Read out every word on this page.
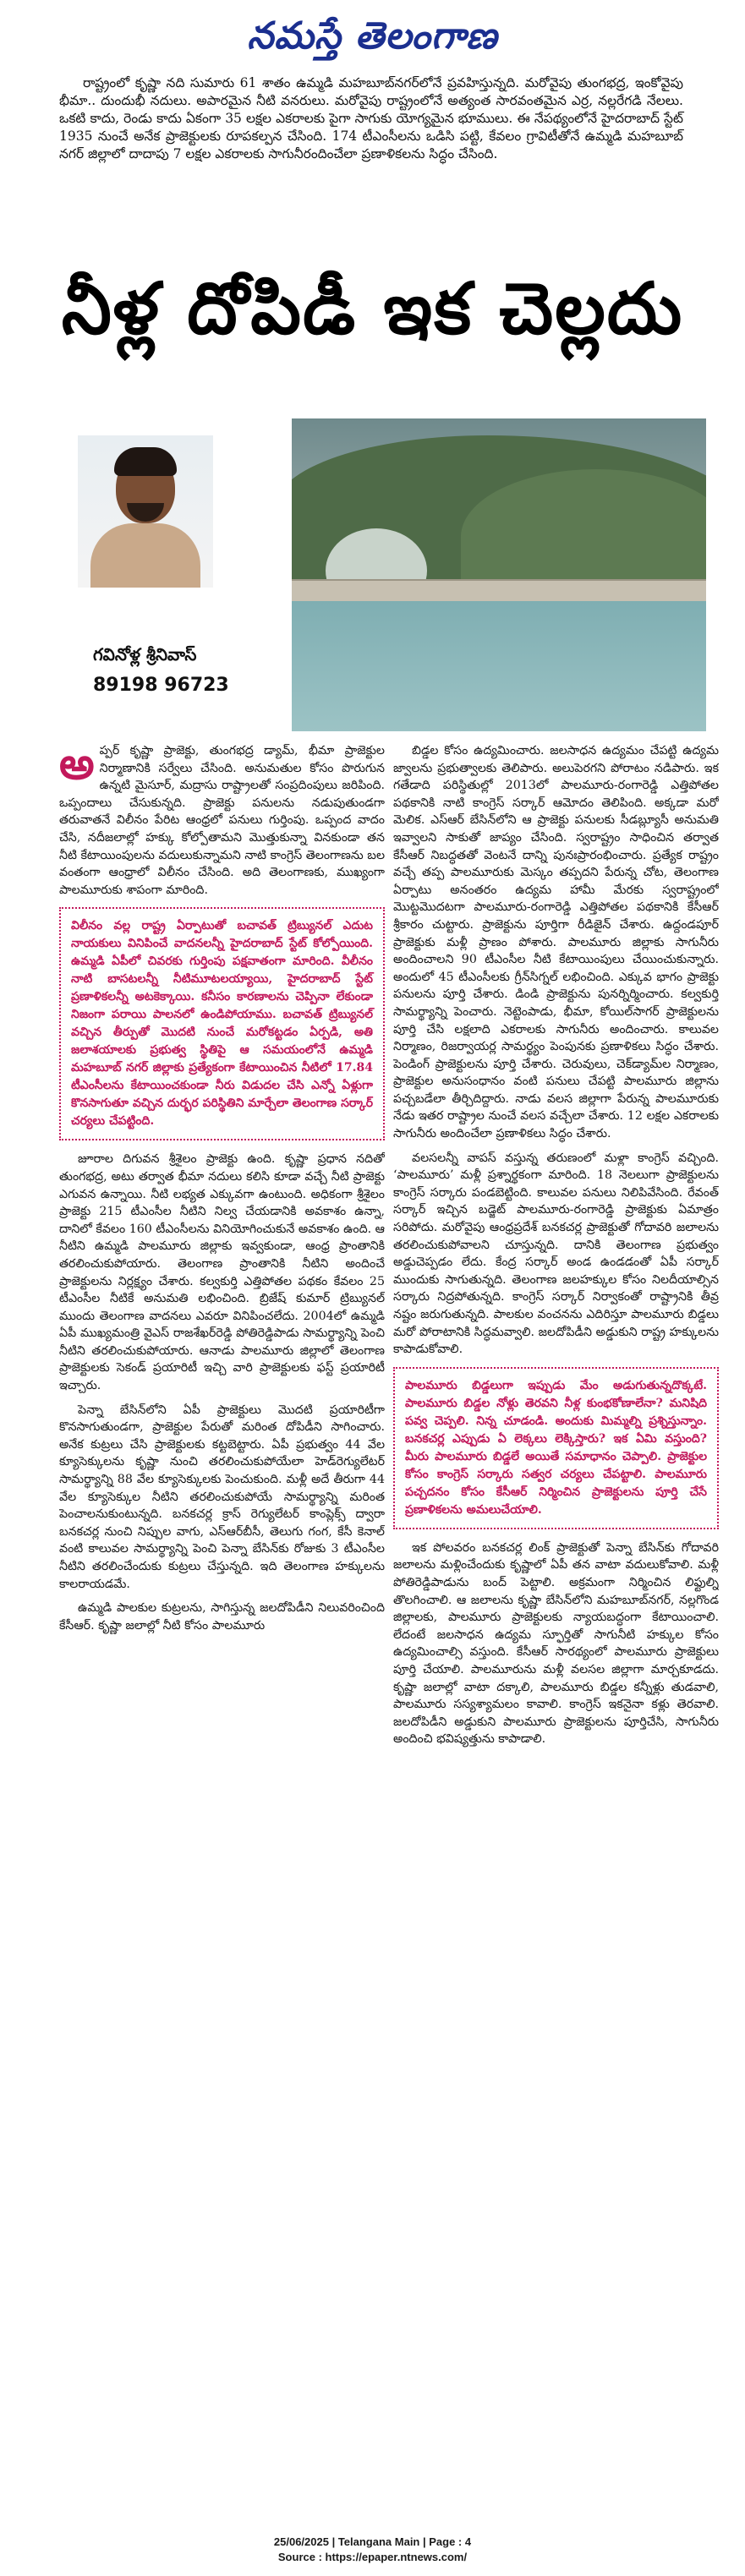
నమస్తే తెలంగాణ

రాష్ట్రంలో కృష్ణా నది సుమారు 61 శాతం ఉమ్మడి మహబూబ్‌నగర్‌లోనే ప్రవహిస్తున్నది. మరోవైపు తుంగభద్ర, ఇంకోవైపు భీమా.. దుందుభీ నదులు. అపారమైన నీటి వనరులు. మరోవైపు రాష్ట్రంలోనే అత్యంత సారవంతమైన ఎర్ర, నల్లరేగడి నేలలు. ఒకటి కాదు, రెండు కాదు ఏకంగా 35 లక్షల ఎకరాలకు పైగా సాగుకు యోగ్యమైన భూములు. ఈ నేపథ్యంలోనే హైదరాబాద్ స్టేట్ 1935 నుంచే అనేక ప్రాజెక్టులకు రూపకల్పన చేసింది. 174 టీఎంసీలను ఒడిసి పట్టి, కేవలం గ్రావిటీతోనే ఉమ్మడి మహబూబ్ నగర్ జిల్లాలో దాదాపు 7 లక్షల ఎకరాలకు సాగునీరందించేలా ప్రణాళికలను సిద్ధం చేసింది.

నీళ్ల దోపిడీ ఇక చెల్లదు
గవినోళ్ల శ్రీనివాస్
89198 96723

అప్పర్ కృష్ణా ప్రాజెక్టు, తుంగభద్ర డ్యామ్, భీమా ప్రాజెక్టుల నిర్మాణానికి సర్వేలు చేసింది. అనుమతుల కోసం పొరుగున ఉన్నటి మైసూర్, మద్రాసు రాష్ట్రాలతో సంప్రదింపులు జరిపింది. ఒప్పందాలు చేసుకున్నది. ప్రాజెక్టు పనులను నడుపుతుండగా తరువాతనే విలీనం పేరిట ఆంధ్రలో పనులు గుర్తింపు. ఒప్పంద వాదం చేసి, నదీజలాల్లో హక్కు కోల్పోతామని మొత్తుకున్నా వినకుండా తన నీటి కేటాయింపులను వదులుకున్నామని నాటి కాంగ్రెస్ తెలంగాణను బల వంతంగా ఆంధ్రాలో విలీనం చేసింది. అది తెలంగాణకు, ముఖ్యంగా పాలమూరుకు శాపంగా మారింది.

విలీనం వల్ల రాష్ట్ర ఏర్పాటుతో బచావత్ ట్రిబ్యునల్ ఎదుట నాయకులు వినిపించే వాదనలన్నీ హైదరాబాద్ స్టేట్ కోల్పోయింది. ఉమ్మడి ఏపీలో చివరకు గుర్తింపు పక్షవాతంగా మారింది. వీలీనం నాటి బాసటలన్నీ నీటిమూటలయ్యాయి, హైదరాబాద్ స్టేట్ ప్రణాళికలన్నీ అటకెక్కాయి. కనీసం కారణాలను చెప్పినా లేకుండా నిజంగా పరాయి పాలనలో ఉండిపోయాము. బచావత్ ట్రిబ్యునల్ వచ్చిన తీర్పుతో మొదటి నుంచే మరోకట్టడం ఏర్పడి, అతి జలాశయాలకు ప్రభుత్వ స్థితిపై ఆ సమయంలోనే ఉమ్మడి మహబూబ్ నగర్ జిల్లాకు ప్రత్యేకంగా కేటాయించిన నీటిలో 17.84 టీఎంసీలను కేటాయించకుండా నీరు విడుదల చేసి ఎన్నో ఏళ్లుగా కొనసాగుతూ వచ్చిన దుర్భర పరిస్థితిని మార్చేలా తెలంగాణ సర్కార్ చర్యలు చేపట్టింది.

జూరాల దిగువన శ్రీశైలం ప్రాజెక్టు ఉంది. కృష్ణా ప్రధాన నదితో తుంగభద్ర, అటు తర్వాత భీమా నదులు కలిసి కూడా వచ్చే నీటి ప్రాజెక్టు ఎగువన ఉన్నాయి. నీటి లభ్యత ఎక్కువగా ఉంటుంది. అధికంగా శ్రీశైలం ప్రాజెక్టు 215 టీఎంసీల నీటిని నిల్వ చేయడానికి అవకాశం ఉన్నా, దానిలో కేవలం 160 టీఎంసీలను వినియోగించుకునే అవకాశం ఉంది. ఆ నీటిని ఉమ్మడి పాలమూరు జిల్లాకు ఇవ్వకుండా, ఆంధ్ర ప్రాంతానికి తరలించుకుపోయారు. తెలంగాణ ప్రాంతానికి నీటిని అందించే ప్రాజెక్టులను నిర్లక్ష్యం చేశారు. కల్వకుర్తి ఎత్తిపోతల పథకం కేవలం 25 టీఎంసీల నీటికే అనుమతి లభించింది. బ్రిజేష్ కుమార్ ట్రిబ్యునల్ ముందు తెలంగాణ వాదనలు ఎవరూ వినిపించలేదు. 2004లో ఉమ్మడి ఏపీ ముఖ్యమంత్రి వైఎస్ రాజశేఖర్‌రెడ్డి పోతిరెడ్డిపాడు సామర్థ్యాన్ని పెంచి నీటిని తరలించుకుపోయారు. ఆనాడు పాలమూరు జిల్లాలో తెలంగాణ ప్రాజెక్టులకు సెకండ్ ప్రయారిటీ ఇచ్చి వారి ప్రాజెక్టులకు ఫస్ట్ ప్రయారిటీ ఇచ్చారు.

పెన్నా బేసిన్‌లోని ఏపీ ప్రాజెక్టులు మొదటి ప్రయారిటీగా కొనసాగుతుండగా, ప్రాజెక్టుల పేరుతో మరింత దోపిడీని సాగించారు. అనేక కుట్రలు చేసి ప్రాజెక్టులకు కట్టబెట్టారు. ఏపీ ప్రభుత్వం 44 వేల క్యూసెక్కులను కృష్ణా నుంచి తరలించుకుపోయేలా హెడ్‌రెగ్యులేటర్ సామర్థ్యాన్ని 88 వేల క్యూసెక్కులకు పెంచుకుంది. మళ్లీ అదే తీరుగా 44 వేల క్యూసెక్కుల నీటిని తరలించుకుపోయే సామర్థ్యాన్ని మరింత పెంచాలనుకుంటున్నది. బనకచర్ల క్రాస్ రెగ్యులేటర్ కాంప్లెక్స్ ద్వారా బనకచర్ల నుంచి నిప్పుల వాగు, ఎస్ఆర్‌బీసీ, తెలుగు గంగ, కేసీ కెనాల్ వంటి కాలువల సామర్థ్యాన్ని పెంచి పెన్నా బేసిన్‌కు రోజుకు 3 టీఎంసీల నీటిని తరలించేందుకు కుట్రలు చేస్తున్నది. ఇది తెలంగాణ హక్కులను కాలరాయడమే.

ఉమ్మడి పాలకుల కుట్రలను, సాగిస్తున్న జలదోపిడీని నిలువరించింది కేసీఆర్. కృష్ణా జలాల్లో నీటి కోసం పాలమూరు

బిడ్డల కోసం ఉద్యమించారు. జలసాధన ఉద్యమం చేపట్టి ఉద్యమ జ్వాలను ప్రభుత్వాలకు తెలిపారు. అలుపెరగని పోరాటం నడిపారు. ఇక గతేడాది పరిస్థితుల్లో 2013లో పాలమూరు-రంగారెడ్డి ఎత్తిపోతల పథకానికి నాటి కాంగ్రెస్ సర్కార్ ఆమోదం తెలిపింది. అక్కడా మరో మెలిక. ఎస్ఆర్ బేసిన్‌లోని ఆ ప్రాజెక్టు పనులకు సీడబ్ల్యూసీ అనుమతి ఇవ్వాలని సాకుతో జాప్యం చేసింది. స్వరాష్ట్రం సాధించిన తర్వాత కేసీఆర్ నిబద్ధతతో వెంటనే దాన్ని పునఃప్రారంభించారు. ప్రత్యేక రాష్ట్రం వచ్చే తప్ప పాలమూరుకు మెస్కం తప్పదని పేరున్న చోట, తెలంగాణ ఏర్పాటు అనంతరం ఉద్యమ హామీ మేరకు స్వరాష్ట్రంలో మొట్టమొదటగా పాలమూరు-రంగారెడ్డి ఎత్తిపోతల పథకానికి కేసీఆర్ శ్రీకారం చుట్టారు. ప్రాజెక్టును పూర్తిగా రీడిజైన్ చేశారు. ఉద్దండపూర్ ప్రాజెక్టుకు మళ్లీ ప్రాణం పోశారు. పాలమూరు జిల్లాకు సాగునీరు అందించాలని 90 టీఎంసీల నీటి కేటాయింపులు చేయించుకున్నారు. అందులో 45 టీఎంసీలకు గ్రీన్‌సిగ్నల్ లభించింది. ఎక్కువ భాగం ప్రాజెక్టు పనులను పూర్తి చేశారు. డిండి ప్రాజెక్టును పునర్నిర్మించారు. కల్వకుర్తి సామర్థ్యాన్ని పెంచారు. నెట్టెంపాడు, భీమా, కోయిల్‌సాగర్ ప్రాజెక్టులను పూర్తి చేసి లక్షలాది ఎకరాలకు సాగునీరు అందించారు. కాలువల నిర్మాణం, రిజర్వాయర్ల సామర్థ్యం పెంపునకు ప్రణాళికలు సిద్ధం చేశారు. పెండింగ్ ప్రాజెక్టులను పూర్తి చేశారు. చెరువులు, చెక్‌డ్యామ్‌ల నిర్మాణం, ప్రాజెక్టుల అనుసంధానం వంటి పనులు చేపట్టి పాలమూరు జిల్లాను పచ్చబడేలా తీర్చిదిద్దారు. నాడు వలస జిల్లాగా పేరున్న పాలమూరుకు నేడు ఇతర రాష్ట్రాల నుంచే వలస వచ్చేలా చేశారు. 12 లక్షల ఎకరాలకు సాగునీరు అందించేలా ప్రణాళికలు సిద్ధం చేశారు.

వలసలన్నీ వాపస్ వస్తున్న తరుణంలో మళ్లా కాంగ్రెస్ వచ్చింది. ‘పాలమూరు’ మళ్లీ ప్రశ్నార్థకంగా మారింది. 18 నెలలుగా ప్రాజెక్టులను కాంగ్రెస్ సర్కారు పండబెట్టింది. కాలువల పనులు నిలిపివేసింది. రేవంత్‌ సర్కార్ ఇచ్చిన బడ్జెట్ పాలమూరు-రంగారెడ్డి ప్రాజెక్టుకు ఏమాత్రం సరిపోదు. మరోవైపు ఆంధ్రప్రదేశ్ బనకచర్ల ప్రాజెక్టుతో గోదావరి జలాలను తరలించుకుపోవాలని చూస్తున్నది. దానికి తెలంగాణ ప్రభుత్వం అడ్డుచెప్పడం లేదు. కేంద్ర సర్కార్ అండ ఉండడంతో ఏపీ సర్కార్ ముందుకు సాగుతున్నది. తెలంగాణ జలహక్కుల కోసం నిలదీయాల్సిన సర్కారు నిద్రపోతున్నది. కాంగ్రెస్ సర్కార్ నిర్వాకంతో రాష్ట్రానికి తీవ్ర నష్టం జరుగుతున్నది. పాలకుల వంచనను ఎదిరిస్తూ పాలమూరు బిడ్డలు మరో పోరాటానికి సిద్ధమవ్వాలి. జలదోపిడీని అడ్డుకుని రాష్ట్ర హక్కులను కాపాడుకోవాలి.

పాలమూరు బిడ్డలుగా ఇప్పుడు మేం అడుగుతున్నదొక్కటే. పాలమూరు బిడ్డల నోళ్లు తెరవని నీళ్ల కుంభకోణాలేనా? మనిషిది పవ్వ చెప్పలి. నిన్న చూడండి. అందుకు మిమ్మల్ని ప్రశ్నిస్తున్నాం. బనకచర్ల ఎప్పుడు ఏ లెక్కలు లెక్కిస్తారు? ఇక ఏమి వస్తుంది? మీరు పాలమూరు బిడ్డలే అయితే సమాధానం చెప్పాలి. ప్రాజెక్టుల కోసం కాంగ్రెస్ సర్కారు సత్వర చర్యలు చేపట్టాలి. పాలమూరు పచ్చదనం కోసం కేసీఆర్ నిర్మించిన ప్రాజెక్టులను పూర్తి చేసే ప్రణాళికలను అమలుచేయాలి.

ఇక పోలవరం బనకచర్ల లింక్ ప్రాజెక్టుతో పెన్నా బేసిన్‌కు గోదావరి జలాలను మళ్లించేందుకు కృష్ణాలో ఏపీ తన వాటా వదులుకోవాలి. మళ్లీ పోతిరెడ్డిపాడును బంద్ పెట్టాలి. అక్రమంగా నిర్మించిన లిఫ్టుల్ని తొలగించాలి. ఆ జలాలను కృష్ణా బేసిన్‌లోని మహబూబ్‌నగర్, నల్లగొండ జిల్లాలకు, పాలమూరు ప్రాజెక్టులకు న్యాయబద్ధంగా కేటాయించాలి. లేదంటే జలసాధన ఉద్యమ స్ఫూర్తితో సాగునీటి హక్కుల కోసం ఉద్యమించాల్సి వస్తుంది. కేసీఆర్ సారథ్యంలో పాలమూరు ప్రాజెక్టులు పూర్తి చేయాలి. పాలమూరును మళ్లీ వలసల జిల్లాగా మార్చకూడదు. కృష్ణా జలాల్లో వాటా దక్కాలి, పాలమూరు బిడ్డల కన్నీళ్లు తుడవాలి, పాలమూరు సస్యశ్యామలం కావాలి. కాంగ్రెస్ ఇకనైనా కళ్లు తెరవాలి. జలదోపిడీని అడ్డుకుని పాలమూరు ప్రాజెక్టులను పూర్తిచేసి, సాగునీరు అందించి భవిష్యత్తును కాపాడాలి.

25/06/2025 | Telangana Main | Page : 4
Source : https://epaper.ntnews.com/
